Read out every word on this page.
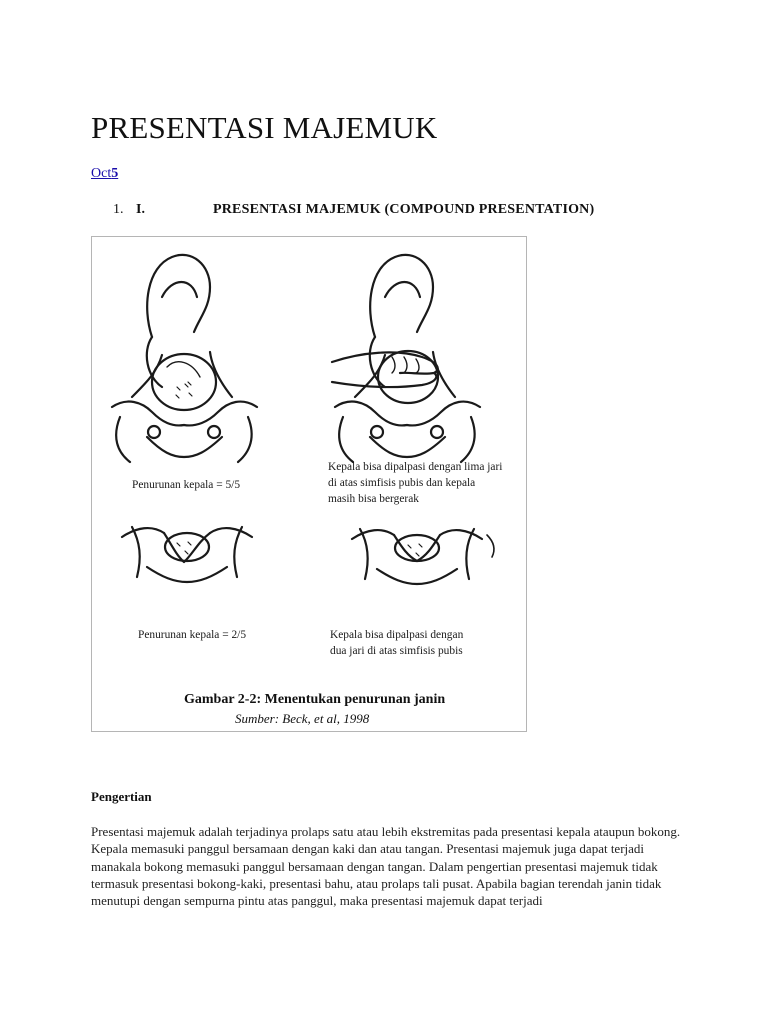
PRESENTASI MAJEMUK
Oct5
1. I.	PRESENTASI MAJEMUK (COMPOUND PRESENTATION)
Penurunan kepala = 5/5
Kepala bisa dipalpasi dengan lima jari
di atas simfisis pubis dan kepala
masih bisa bergerak
Penurunan kepala = 2/5	Kepala bisa dipalpasi dengan
dua jari di atas simfisis pubis
Gambar 2-2: Menentukan penurunan janin
Sumber: Beck, et al, 1998
Pengertian

Presentasi majemuk adalah terjadinya prolaps satu atau lebih ekstremitas pada presentasi kepala ataupun bokong. Kepala memasuki panggul bersamaan dengan kaki dan atau tangan. Presentasi majemuk juga dapat terjadi manakala bokong memasuki panggul bersamaan dengan tangan. Dalam pengertian presentasi majemuk tidak termasuk presentasi bokong-kaki, presentasi bahu, atau prolaps tali pusat. Apabila bagian terendah janin tidak menutupi dengan sempurna pintu atas panggul, maka presentasi majemuk dapat terjadi
